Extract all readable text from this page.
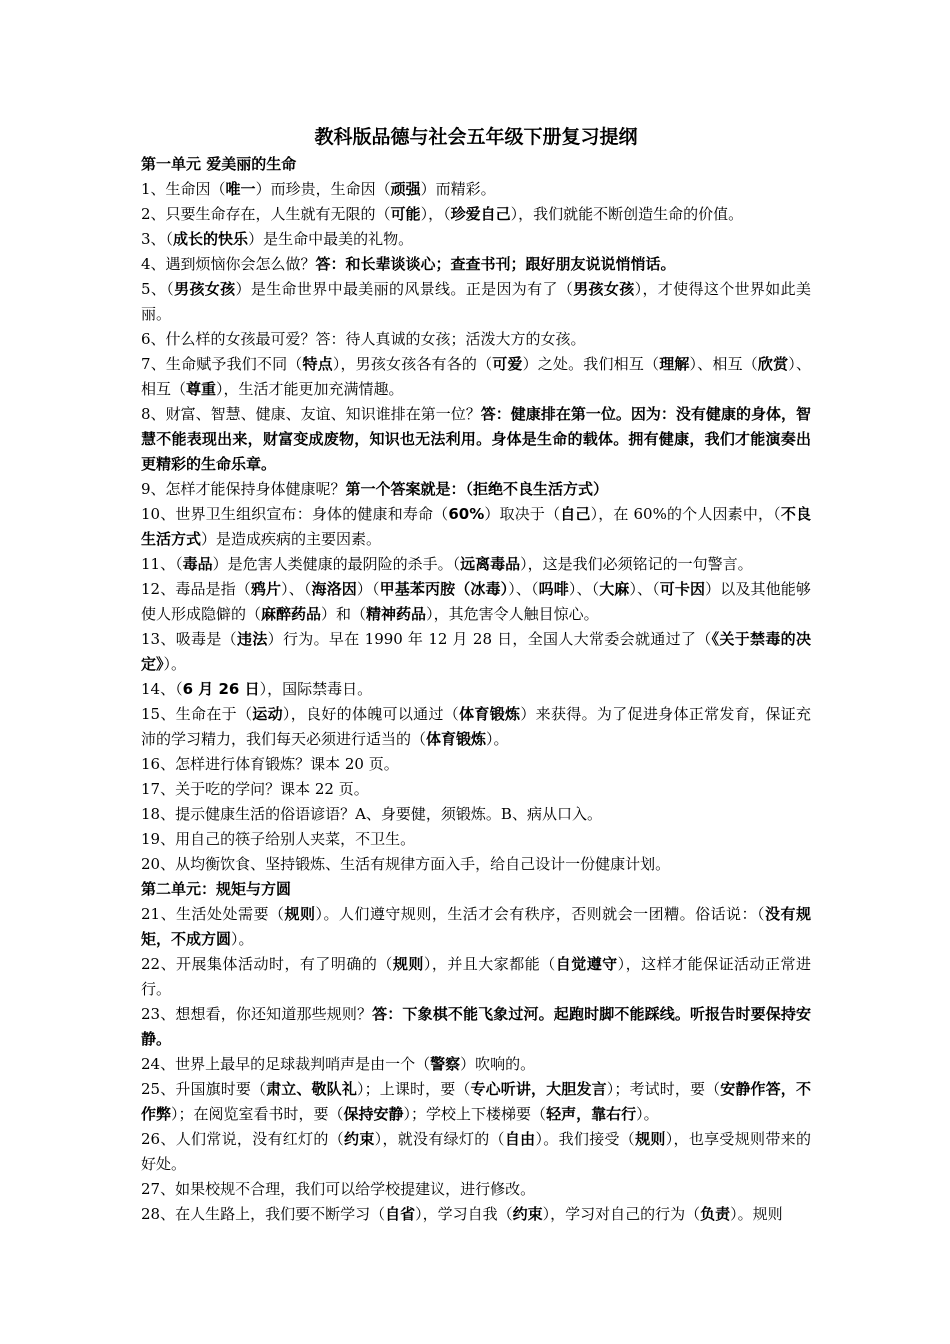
教科版品德与社会五年级下册复习提纲
第一单元 爱美丽的生命

1、生命因（唯一）而珍贵，生命因（顽强）而精彩。

2、只要生命存在，人生就有无限的（可能），（珍爱自己），我们就能不断创造生命的价值。

3、（成长的快乐）是生命中最美的礼物。

4、遇到烦恼你会怎么做？答：和长辈谈谈心；查查书刊；跟好朋友说说悄悄话。

5、（男孩女孩）是生命世界中最美丽的风景线。正是因为有了（男孩女孩），才使得这个世界如此美丽。

6、什么样的女孩最可爱？答：待人真诚的女孩；活泼大方的女孩。

7、生命赋予我们不同（特点），男孩女孩各有各的（可爱）之处。我们相互（理解）、相互（欣赏）、相互（尊重），生活才能更加充满情趣。

8、财富、智慧、健康、友谊、知识谁排在第一位？答：健康排在第一位。因为：没有健康的身体，智慧不能表现出来，财富变成废物，知识也无法利用。身体是生命的载体。拥有健康，我们才能演奏出更精彩的生命乐章。

9、怎样才能保持身体健康呢？第一个答案就是：（拒绝不良生活方式）

10、世界卫生组织宣布：身体的健康和寿命（60%）取决于（自己），在 60%的个人因素中，（不良生活方式）是造成疾病的主要因素。

11、（毒品）是危害人类健康的最阴险的杀手。（远离毒品），这是我们必须铭记的一句警言。

12、毒品是指（鸦片）、（海洛因）（甲基苯丙胺（冰毒））、（吗啡）、（大麻）、（可卡因）以及其他能够使人形成隐僻的（麻醉药品）和（精神药品），其危害令人触目惊心。

13、吸毒是（违法）行为。早在 1990 年 12 月 28 日，全国人大常委会就通过了（《关于禁毒的决定》）。

14、（6 月 26 日），国际禁毒日。

15、生命在于（运动），良好的体魄可以通过（体育锻炼）来获得。为了促进身体正常发育，保证充沛的学习精力，我们每天必须进行适当的（体育锻炼）。

16、怎样进行体育锻炼？课本 20 页。

17、关于吃的学问？课本 22 页。

18、提示健康生活的俗语谚语？A、身要健，须锻炼。B、病从口入。

19、用自己的筷子给别人夹菜，不卫生。

20、从均衡饮食、坚持锻炼、生活有规律方面入手，给自己设计一份健康计划。

第二单元：规矩与方圆

21、生活处处需要（规则）。人们遵守规则，生活才会有秩序，否则就会一团糟。俗话说：（没有规矩，不成方圆）。

22、开展集体活动时，有了明确的（规则），并且大家都能（自觉遵守），这样才能保证活动正常进行。

23、想想看，你还知道那些规则？答：下象棋不能飞象过河。起跑时脚不能踩线。听报告时要保持安静。

24、世界上最早的足球裁判哨声是由一个（警察）吹响的。

25、升国旗时要（肃立、敬队礼）；上课时，要（专心听讲，大胆发言）；考试时，要（安静作答，不作弊）；在阅览室看书时，要（保持安静）；学校上下楼梯要（轻声，靠右行）。

26、人们常说，没有红灯的（约束），就没有绿灯的（自由）。我们接受（规则），也享受规则带来的好处。

27、如果校规不合理，我们可以给学校提建议，进行修改。

28、在人生路上，我们要不断学习（自省），学习自我（约束），学习对自己的行为（负责）。规则
